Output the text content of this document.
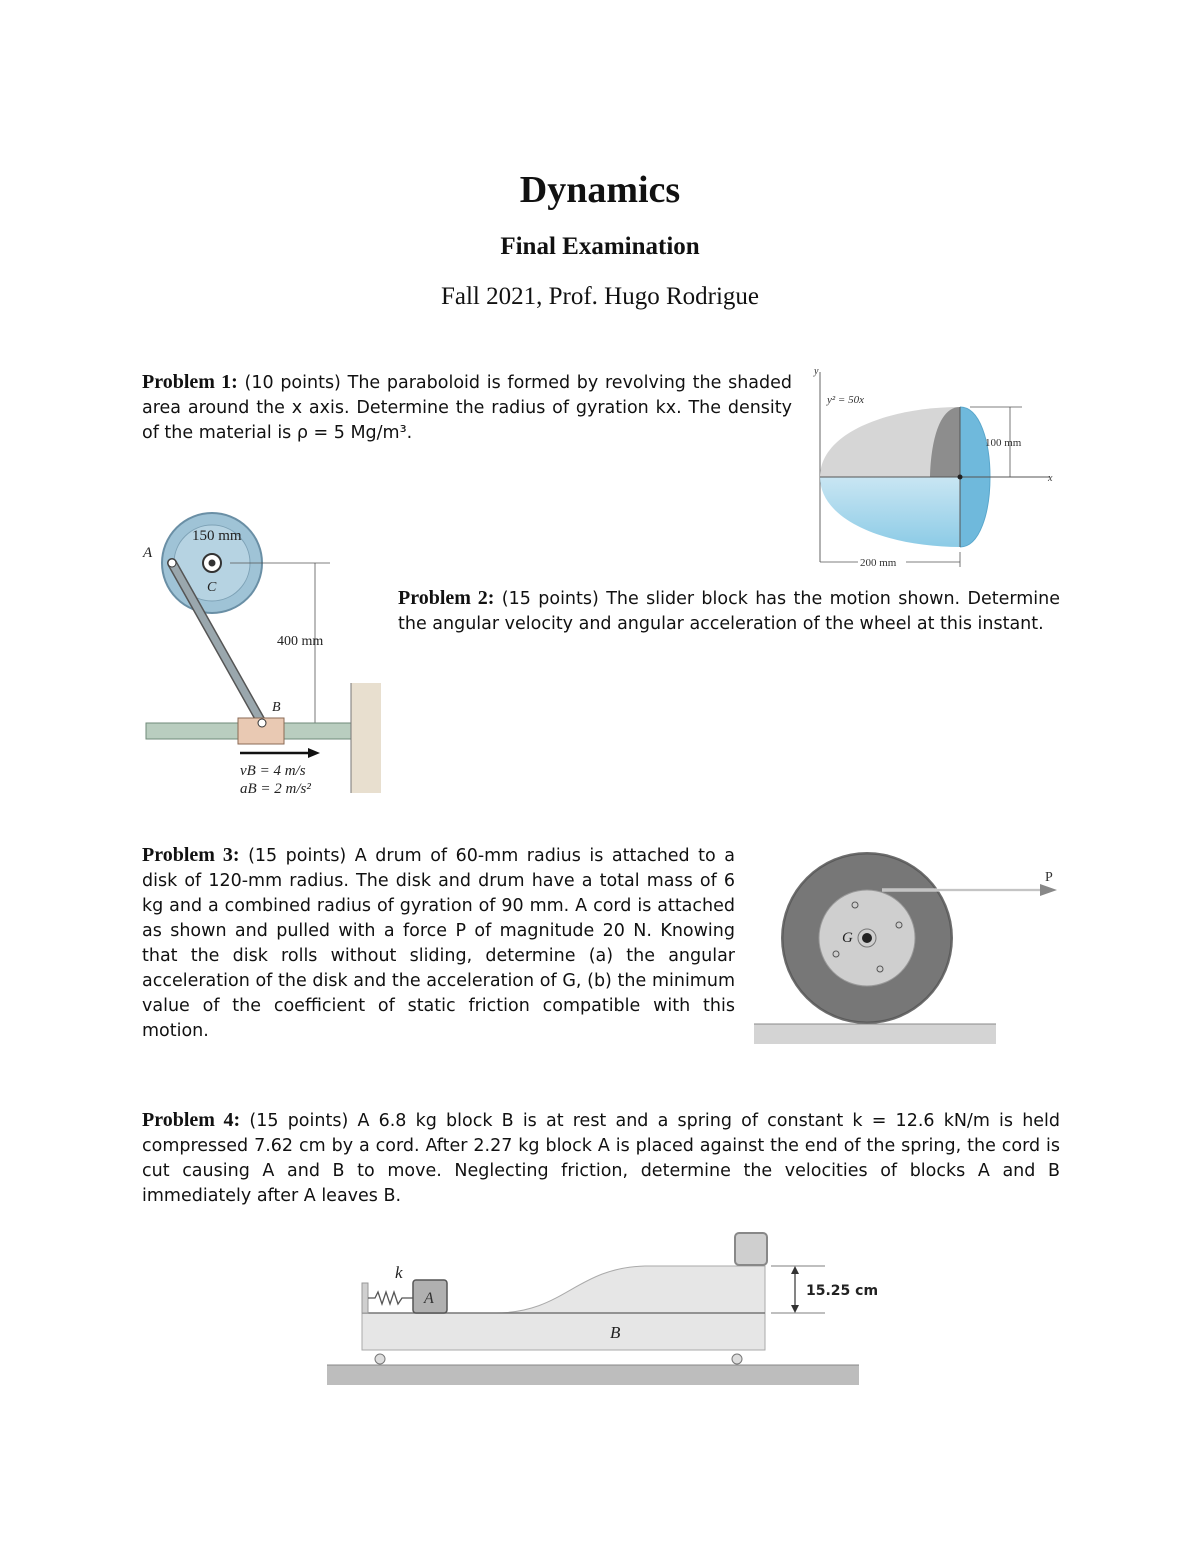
Dynamics
Final Examination
Fall 2021, Prof. Hugo Rodrigue
Problem 1: (10 points) The paraboloid is formed by revolving the shaded area around the x axis. Determine the radius of gyration kx. The density of the material is ρ = 5 Mg/m³.	100 mm
200 mm
y² = 50x
y
x
400 mm
150 mm
A
C
B
vB = 4 m/s
aB = 2 m/s²
Problem 2: (15 points) The slider block has the motion shown. Determine the angular velocity and angular acceleration of the wheel at this instant.
Problem 3: (15 points) A drum of 60-mm radius is attached to a disk of 120-mm radius. The disk and drum have a total mass of 6 kg and a combined radius of gyration of 90 mm. A cord is attached as shown and pulled with a force P of magnitude 20 N. Knowing that the disk rolls without sliding, determine (a) the angular acceleration of the disk and the acceleration of G, (b) the minimum value of the coefficient of static friction compatible with this motion.
P
G
Problem 4: (15 points) A 6.8 kg block B is at rest and a spring of constant k = 12.6 kN/m is held compressed 7.62 cm by a cord. After 2.27 kg block A is placed against the end of the spring, the cord is cut causing A and B to move. Neglecting friction, determine the velocities of blocks A and B immediately after A leaves B.
15.25 cm
k
A
B
